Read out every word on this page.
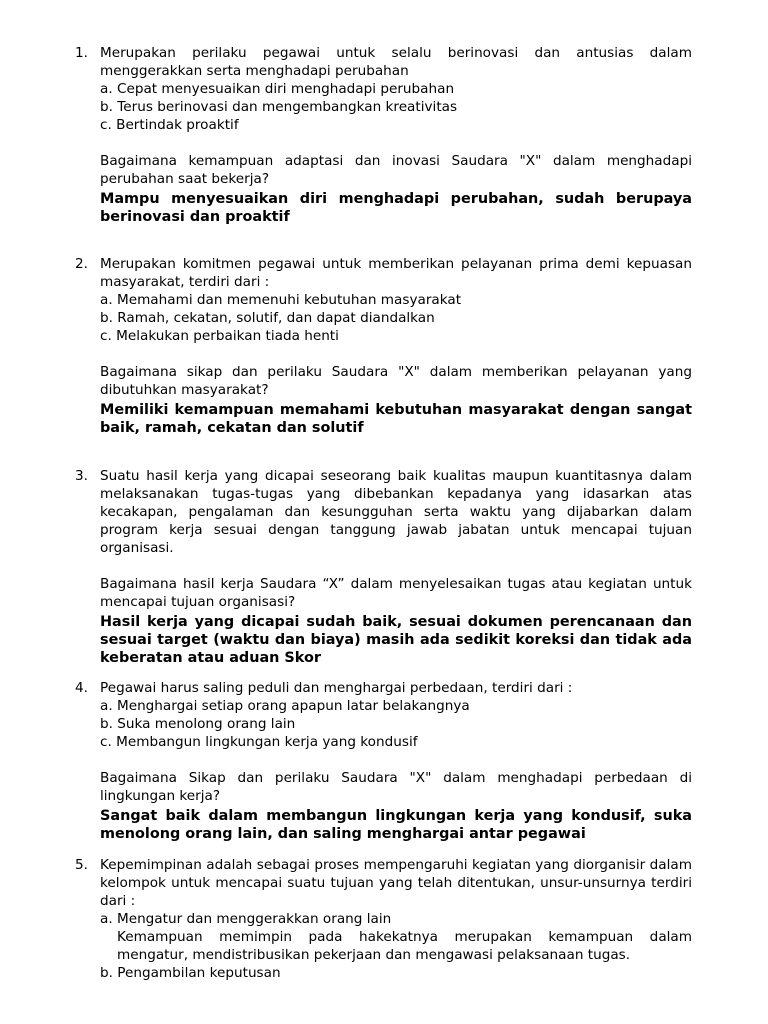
1. Merupakan perilaku pegawai untuk selalu berinovasi dan antusias dalam menggerakkan serta menghadapi perubahan
a. Cepat menyesuaikan diri menghadapi perubahan
b. Terus berinovasi dan mengembangkan kreativitas
c. Bertindak proaktif
Bagaimana kemampuan adaptasi dan inovasi Saudara "X" dalam menghadapi perubahan saat bekerja?
Mampu menyesuaikan diri menghadapi perubahan, sudah berupaya berinovasi dan proaktif
2. Merupakan komitmen pegawai untuk memberikan pelayanan prima demi kepuasan masyarakat, terdiri dari :
a. Memahami dan memenuhi kebutuhan masyarakat
b. Ramah, cekatan, solutif, dan dapat diandalkan
c. Melakukan perbaikan tiada henti
Bagaimana sikap dan perilaku Saudara "X" dalam memberikan pelayanan yang dibutuhkan masyarakat?
Memiliki kemampuan memahami kebutuhan masyarakat dengan sangat baik, ramah, cekatan dan solutif
3. Suatu hasil kerja yang dicapai seseorang baik kualitas maupun kuantitasnya dalam melaksanakan tugas-tugas yang dibebankan kepadanya yang idasarkan atas kecakapan, pengalaman dan kesungguhan serta waktu yang dijabarkan dalam program kerja sesuai dengan tanggung jawab jabatan untuk mencapai tujuan organisasi.
Bagaimana hasil kerja Saudara “X” dalam menyelesaikan tugas atau kegiatan untuk mencapai tujuan organisasi?
Hasil kerja yang dicapai sudah baik, sesuai dokumen perencanaan dan sesuai target (waktu dan biaya) masih ada sedikit koreksi dan tidak ada keberatan atau aduan Skor
4. Pegawai harus saling peduli dan menghargai perbedaan, terdiri dari :
a. Menghargai setiap orang apapun latar belakangnya
b. Suka menolong orang lain
c. Membangun lingkungan kerja yang kondusif
Bagaimana Sikap dan perilaku Saudara "X" dalam menghadapi perbedaan di lingkungan kerja?
Sangat baik dalam membangun lingkungan kerja yang kondusif, suka menolong orang lain, dan saling menghargai antar pegawai
5. Kepemimpinan adalah sebagai proses mempengaruhi kegiatan yang diorganisir dalam kelompok untuk mencapai suatu tujuan yang telah ditentukan, unsur-unsurnya terdiri dari :
a. Mengatur dan menggerakkan orang lain
Kemampuan memimpin pada hakekatnya merupakan kemampuan dalam mengatur, mendistribusikan pekerjaan dan mengawasi pelaksanaan tugas.
b. Pengambilan keputusan
